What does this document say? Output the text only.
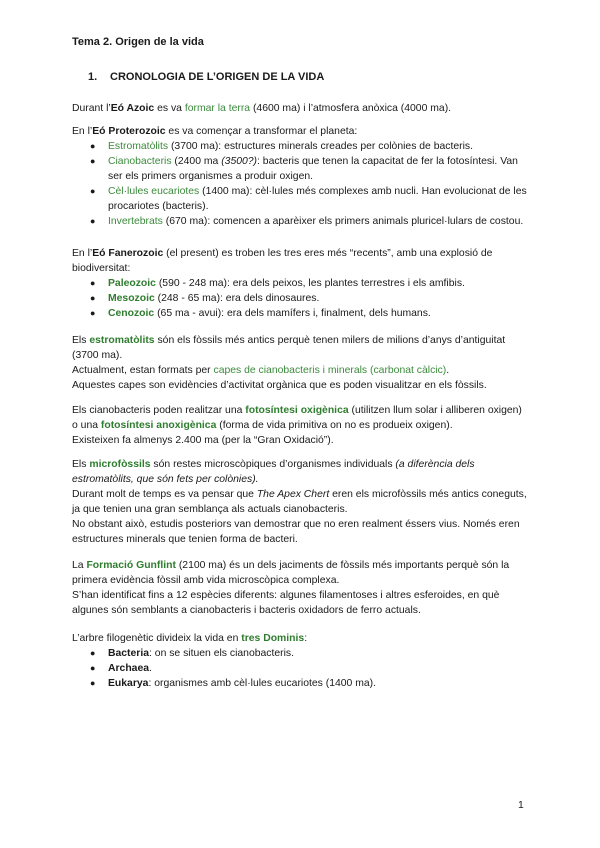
Tema 2. Origen de la vida
1. CRONOLOGIA DE L’ORIGEN DE LA VIDA

Durant l’Eó Azoic es va formar la terra (4600 ma) i l’atmosfera anòxica (4000 ma).

En l’Eó Proterozoic es va començar a transformar el planeta:

● Estromatòlits (3700 ma): estructures minerals creades per colònies de bacteris.
● Cianobacteris (2400 ma (3500?): bacteris que tenen la capacitat de fer la fotosíntesi. Van ser els primers organismes a produir oxigen.
● Cèl·lules eucariotes (1400 ma): cèl·lules més complexes amb nucli. Han evolucionat de les procariotes (bacteris).
● Invertebrats (670 ma): comencen a aparèixer els primers animals pluricel·lulars de costou.

En l’Eó Fanerozoic (el present) es troben les tres eres més “recents”, amb una explosió de biodiversitat:

● Paleozoic (590 - 248 ma): era dels peixos, les plantes terrestres i els amfibis.
● Mesozoic (248 - 65 ma): era dels dinosaures.
● Cenozoic (65 ma - avui): era dels mamífers i, finalment, dels humans.

Els estromatòlits són els fòssils més antics perquè tenen milers de milions d’anys d’antiguitat (3700 ma).

Actualment, estan formats per capes de cianobacteris i minerals (carbonat càlcic).

Aquestes capes son evidències d’activitat orgànica que es poden visualitzar en els fòssils.

Els cianobacteris poden realitzar una fotosíntesi oxigènica (utilitzen llum solar i alliberen oxigen) o una fotosíntesi anoxigènica (forma de vida primitiva on no es produeix oxigen).

Existeixen fa almenys 2.400 ma (per la “Gran Oxidació”).

Els microfòssils són restes microscòpiques d’organismes individuals (a diferència dels estromatòlits, que són fets per colònies).

Durant molt de temps es va pensar que The Apex Chert eren els microfòssils més antics coneguts, ja que tenien una gran semblança als actuals cianobacteris.

No obstant això, estudis posteriors van demostrar que no eren realment éssers vius. Només eren estructures minerals que tenien forma de bacteri.

La Formació Gunflint (2100 ma) és un dels jaciments de fòssils més importants perquè són la primera evidència fòssil amb vida microscòpica complexa.

S’han identificat fins a 12 espècies diferents: algunes filamentoses i altres esferoides, en què algunes són semblants a cianobacteris i bacteris oxidadors de ferro actuals.

L’arbre filogenètic divideix la vida en tres Dominis:

● Bacteria: on se situen els cianobacteris.
● Archaea.
● Eukarya: organismes amb cèl·lules eucariotes (1400 ma).
1
